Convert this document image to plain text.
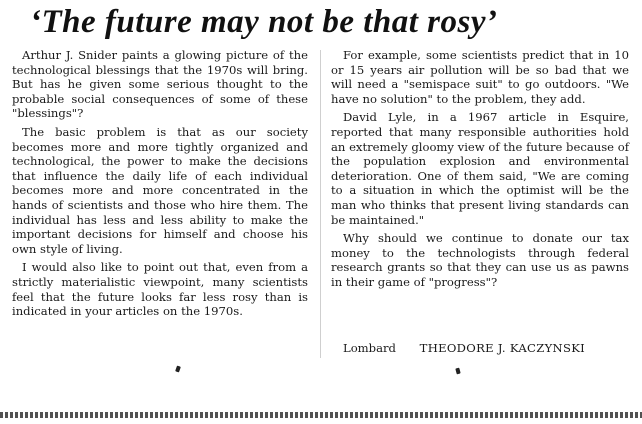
‘The future may not be that rosy’

Arthur J. Snider paints a glowing picture of the technological blessings that the 1970s will bring. But has he given some serious thought to the probable social consequences of some of these "blessings"?

The basic problem is that as our society becomes more and more tightly organized and technological, the power to make the decisions that influence the daily life of each individual becomes more and more concentrated in the hands of scientists and those who hire them. The individual has less and less ability to make the important decisions for himself and choose his own style of living.

I would also like to point out that, even from a strictly materialistic viewpoint, many scientists feel that the future looks far less rosy than is indicated in your articles on the 1970s.

For example, some scientists predict that in 10 or 15 years air pollution will be so bad that we will need a "semispace suit" to go outdoors. "We have no solution" to the problem, they add.

David Lyle, in a 1967 article in Esquire, reported that many responsible authorities hold an extremely gloomy view of the future because of the population explosion and environmental deterioration. One of them said, "We are coming to a situation in which the optimist will be the man who thinks that present living standards can be maintained."

Why should we continue to donate our tax money to the technologists through federal research grants so that they can use us as pawns in their game of "progress"?

Lombard THEODORE J. KACZYNSKI
